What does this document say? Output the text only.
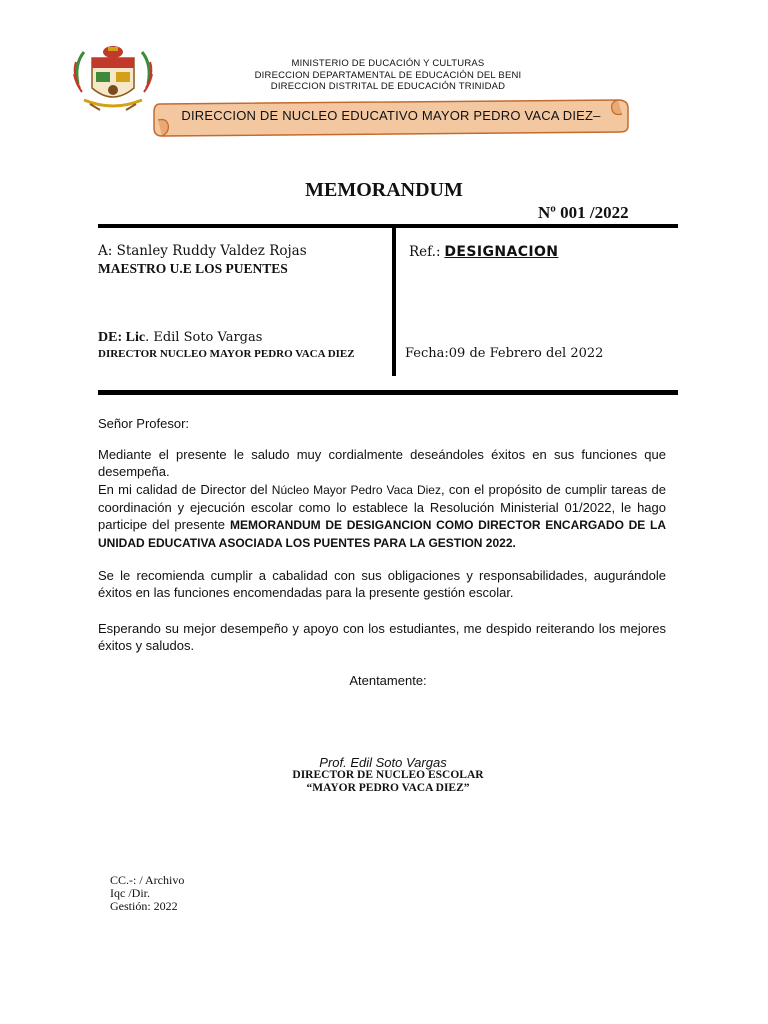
MINISTERIO DE DUCACIÓN Y CULTURAS
DIRECCION DEPARTAMENTAL DE EDUCACIÓN DEL BENI
DIRECCION DISTRITAL DE EDUCACIÓN TRINIDAD
DIRECCION DE NUCLEO EDUCATIVO MAYOR PEDRO VACA DIEZ–
MEMORANDUM
Nº 001 /2022
A: Stanley Ruddy Valdez Rojas
MAESTRO U.E LOS PUENTES
Ref.: DESIGNACION
DE: Lic. Edil Soto Vargas
DIRECTOR NUCLEO MAYOR PEDRO VACA DIEZ	Fecha:09 de Febrero del 2022
Señor Profesor:
Mediante el presente le saludo muy cordialmente deseándoles éxitos en sus funciones que desempeña.
En mi calidad de Director del Núcleo Mayor Pedro Vaca Diez, con el propósito de cumplir tareas de coordinación y ejecución escolar como lo establece la Resolución Ministerial 01/2022, le hago participe del presente MEMORANDUM DE DESIGANCION COMO DIRECTOR ENCARGADO DE LA UNIDAD EDUCATIVA ASOCIADA LOS PUENTES PARA LA GESTION 2022.
Se le recomienda cumplir a cabalidad con sus obligaciones y responsabilidades, augurándole éxitos en las funciones encomendadas para la presente gestión escolar.
Esperando su mejor desempeño y apoyo con los estudiantes, me despido reiterando los mejores éxitos y saludos.
Atentamente:
Prof. Edil Soto Vargas
DIRECTOR DE NUCLEO ESCOLAR
“MAYOR PEDRO VACA DIEZ”
CC.-: / Archivo
Iqc /Dir.
Gestión: 2022
